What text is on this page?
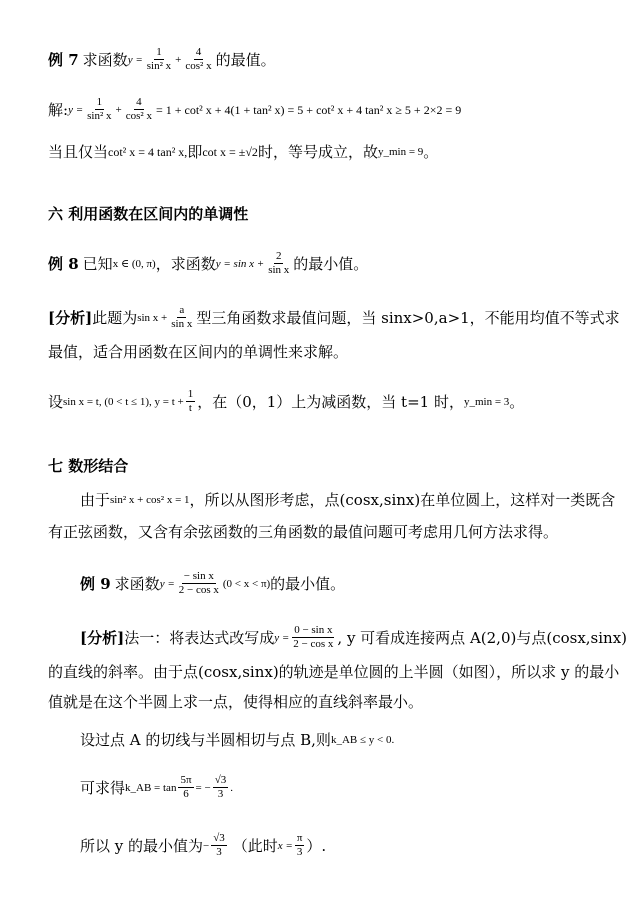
例 7 求函数 $y = \frac{1}{\text{sin² x}} + \frac{4}{\text{cos² x}}$ 的最值。
解: $y = \frac{1}{\text{sin² x}} + \frac{4}{\text{cos² x}} = 1 + \cot^2$ x + 4(1 + tan² x) = 5 + cot² x + 4 tan² x ≥ 5 + 2×2 = 9
当且仅当 cot² x = 4 tan² x, 即 cot x = ±√2 时，等号成立，故 y_min = 9 。
六 利用函数在区间内的单调性
例 8 已知 x ∈ (0, π) ，求函数 $y = \sin x + \frac{2}{\text{sin x}}$ 的最小值。
[分析] 此题为 $\sin x + \frac{a}{\text{sin x}}$ 型三角函数求最值问题，当 sinx>0,a>1，不能用均值不等式求
最值，适合用函数在区间内的单调性来求解。
设 sin x = t, (0 < t ≤ 1), $y = t + \frac{1}{t}$ ，在（0，1）上为减函数，当 t=1 时， y_min = 3 。
七 数形结合
由于 sin² x + cos² x = 1 ，所以从图形考虑，点(cosx,sinx)在单位圆上，这样对一类既含
有正弦函数，又含有余弦函数的三角函数的最值问题可考虑用几何方法求得。
例 9 求函数 $y = \frac{\text{− sin x}}{\text{2 − cos x}} (0 < x < \pi)$ 的最小值。
[分析] 法一：将表达式改写成 $y = \frac{\text{0 − sin x}}{\text{2 − cos x}}$ , y 可看成连接两点 A(2,0)与点(cosx,sinx)
的直线的斜率。由于点(cosx,sinx)的轨迹是单位圆的上半圆（如图），所以求 y 的最小
值就是在这个半圆上求一点，使得相应的直线斜率最小。
设过点 A 的切线与半圆相切与点 B,则 k_AB ≤ y < 0.
可求得 k_AB = $\tan \frac{5\pi}{6}$ = − $\frac{√3}{3}$ .
所以 y 的最小值为 − $\frac{√3}{3}$ （此时 $x = \frac{\pi}{3}$ ）.
